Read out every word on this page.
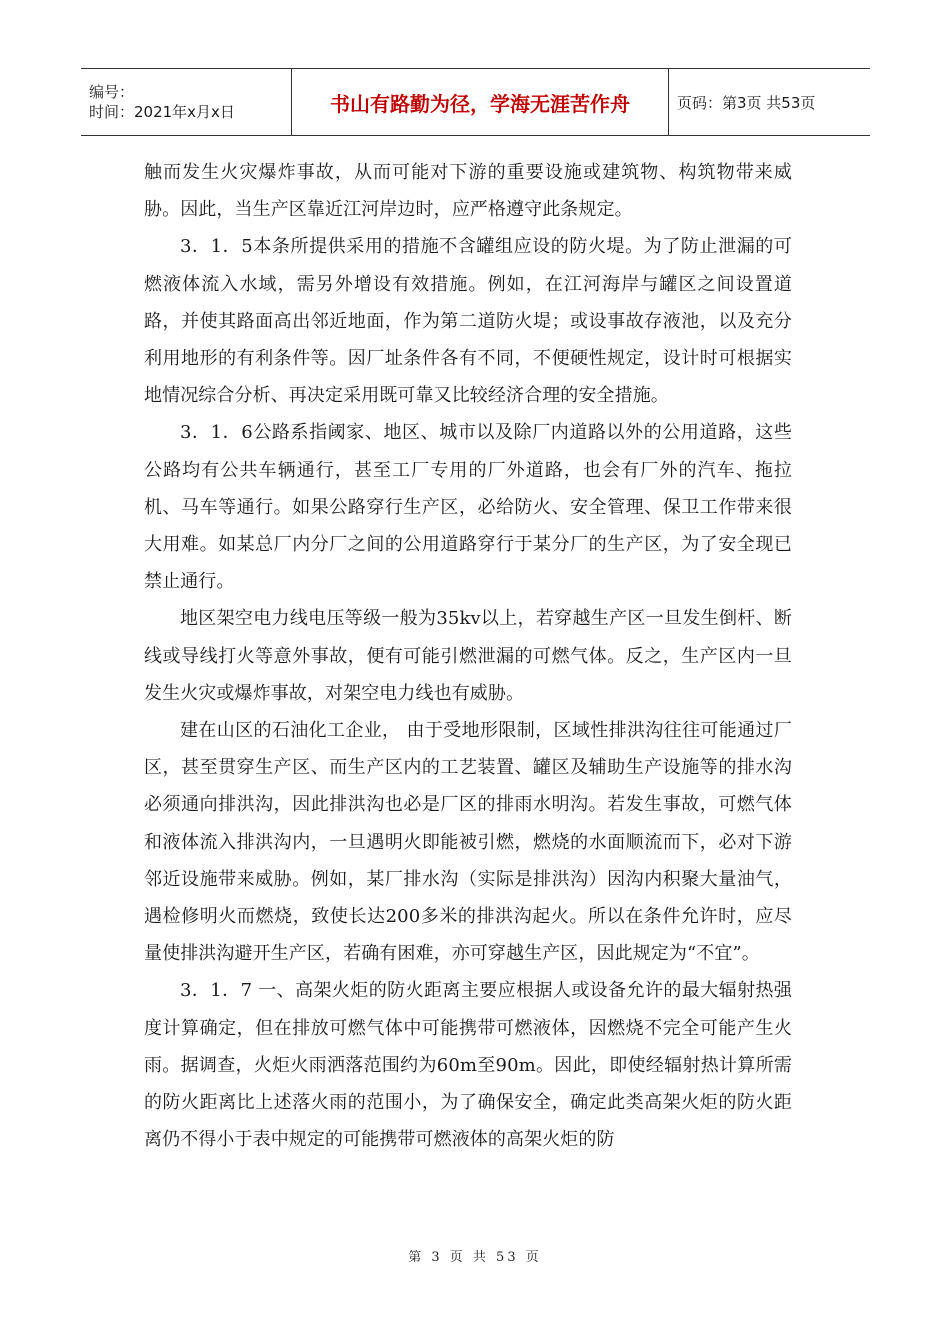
编号：
时间：2021年x月x日	书山有路勤为径，学海无涯苦作舟	页码：第3页 共53页

触而发生火灾爆炸事故，从而可能对下游的重要设施或建筑物、构筑物带来威胁。因此，当生产区靠近江河岸边时，应严格遵守此条规定。

3．1．5本条所提供采用的措施不含罐组应设的防火堤。为了防止泄漏的可燃液体流入水域，需另外增设有效措施。例如，在江河海岸与罐区之间设置道路，并使其路面高出邻近地面，作为第二道防火堤；或设事故存液池，以及充分利用地形的有利条件等。因厂址条件各有不同，不便硬性规定，设计时可根据实地情况综合分析、再决定采用既可靠又比较经济合理的安全措施。

3．1．6公路系指阈家、地区、城市以及除厂内道路以外的公用道路，这些公路均有公共车辆通行，甚至工厂专用的厂外道路，也会有厂外的汽车、拖拉机、马车等通行。如果公路穿行生产区，必给防火、安全管理、保卫工作带来很大用难。如某总厂内分厂之间的公用道路穿行于某分厂的生产区，为了安全现已禁止通行。

地区架空电力线电压等级一般为35kv以上，若穿越生产区一旦发生倒杆、断线或导线打火等意外事故，便有可能引燃泄漏的可燃气体。反之，生产区内一旦发生火灾或爆炸事故，对架空电力线也有威胁。

建在山区的石油化工企业， 由于受地形限制，区域性排洪沟往往可能通过厂区，甚至贯穿生产区、而生产区内的工艺装置、罐区及辅助生产设施等的排水沟必须通向排洪沟，因此排洪沟也必是厂区的排雨水明沟。若发生事故，可燃气体和液体流入排洪沟内，一旦遇明火即能被引燃，燃烧的水面顺流而下，必对下游邻近设施带来威胁。例如，某厂排水沟（实际是排洪沟）因沟内积聚大量油气，遇检修明火而燃烧，致使长达200多米的排洪沟起火。所以在条件允许时，应尽量使排洪沟避开生产区，若确有困难，亦可穿越生产区，因此规定为“不宜”。

3．1．7 一、高架火炬的防火距离主要应根据人或设备允许的最大辐射热强度计算确定，但在排放可燃气体中可能携带可燃液体，因燃烧不完全可能产生火雨。据调查，火炬火雨洒落范围约为60m至90m。因此，即使经辐射热计算所需的防火距离比上述落火雨的范围小，为了确保安全，确定此类高架火炬的防火距离仍不得小于表中规定的可能携带可燃液体的高架火炬的防

第 3 页 共 53 页
